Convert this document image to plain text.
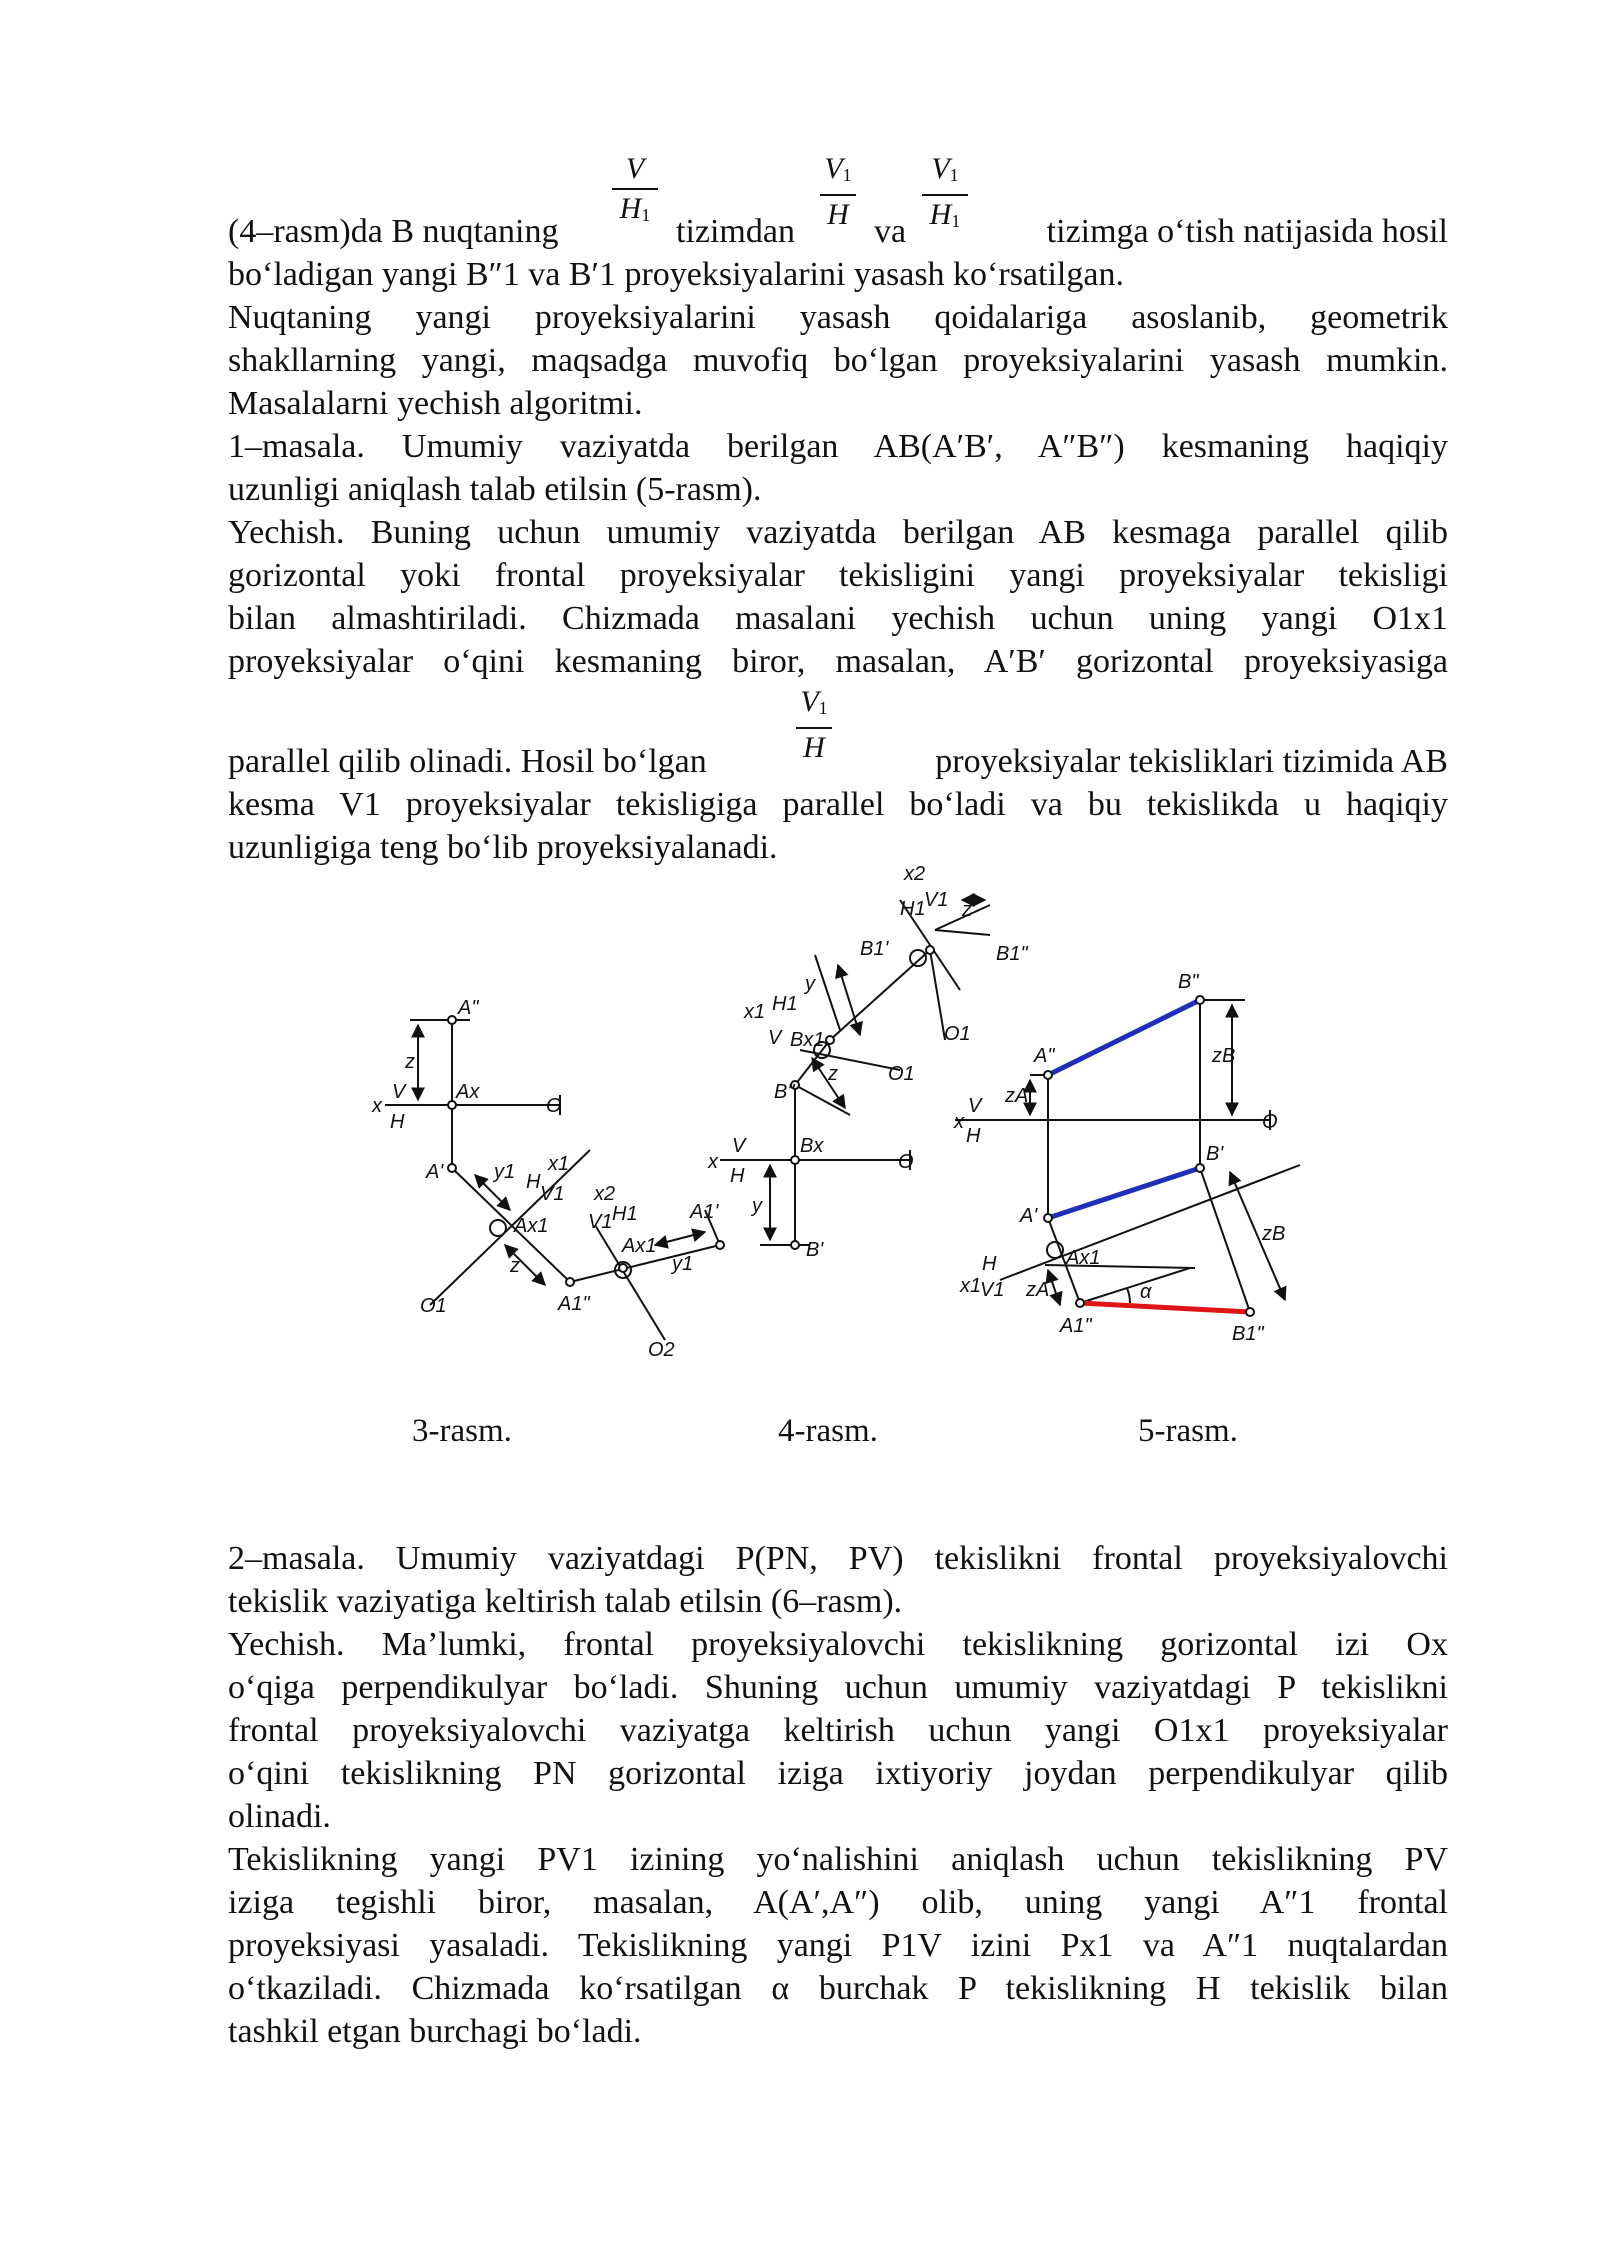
V
$H_1$
$V_1$
H
$V_1$
$H_1$
(4–rasm)da B nuqtaning	tizimdan va	tizimga o‘tish natijasida hosil
bo‘ladigan yangi B″1 va B′1 proyeksiyalarini yasash ko‘rsatilgan.
Nuqtaning yangi proyeksiyalarini yasash qoidalariga asoslanib, geometrik
shakllarning yangi, maqsadga muvofiq bo‘lgan proyeksiyalarini yasash mumkin.
Masalalarni yechish algoritmi.
1–masala. Umumiy vaziyatda berilgan AB(A′B′, A″B″) kesmaning haqiqiy
uzunligi aniqlash talab etilsin (5-rasm).
Yechish. Buning uchun umumiy vaziyatda berilgan AB kesmaga parallel qilib
gorizontal yoki frontal proyeksiyalar tekisligini yangi proyeksiyalar tekisligi
bilan almashtiriladi. Chizmada masalani yechish uchun uning yangi O1x1
proyeksiyalar o‘qini kesmaning biror, masalan, A′B′ gorizontal proyeksiyasiga
$V_1$
H
parallel qilib olinadi. Hosil bo‘lgan	proyeksiyalar tekisliklari tizimida AB
kesma V1 proyeksiyalar tekisligiga parallel bo‘ladi va bu tekislikda u haqiqiy
uzunligiga teng bo‘lib proyeksiyalanadi.
x
V
H
A"
Ax
O
z
A'	y1 H
x1
V1
Ax1
z
O1	A1"
x2
H1
V1
Ax1
A1'
y1
O2
x
V
H
Bx
O
y
B'
B"
x1 H1
V Bx1
z	O1
y
B1'
x2
V1
H1 z
B1"
O1
x
V
H
O
A"
B"
zA
zB
A'
B'
Ax1
x1
H
V1 zA
zB
α
A1"	B1"
3-rasm.	4-rasm.	5-rasm.
2–masala. Umumiy vaziyatdagi P(PN, PV) tekislikni frontal proyeksiyalovchi
tekislik vaziyatiga keltirish talab etilsin (6–rasm).
Yechish. Ma’lumki, frontal proyeksiyalovchi tekislikning gorizontal izi Ox
o‘qiga perpendikulyar bo‘ladi. Shuning uchun umumiy vaziyatdagi P tekislikni
frontal proyeksiyalovchi vaziyatga keltirish uchun yangi O1x1 proyeksiyalar
o‘qini tekislikning PN gorizontal iziga ixtiyoriy joydan perpendikulyar qilib
olinadi.
Tekislikning yangi PV1 izining yo‘nalishini aniqlash uchun tekislikning PV
iziga tegishli biror, masalan, A(A′,A″) olib, uning yangi A″1 frontal
proyeksiyasi yasaladi. Tekislikning yangi P1V izini Px1 va A″1 nuqtalardan
o‘tkaziladi. Chizmada ko‘rsatilgan α burchak P tekislikning H tekislik bilan
tashkil etgan burchagi bo‘ladi.
